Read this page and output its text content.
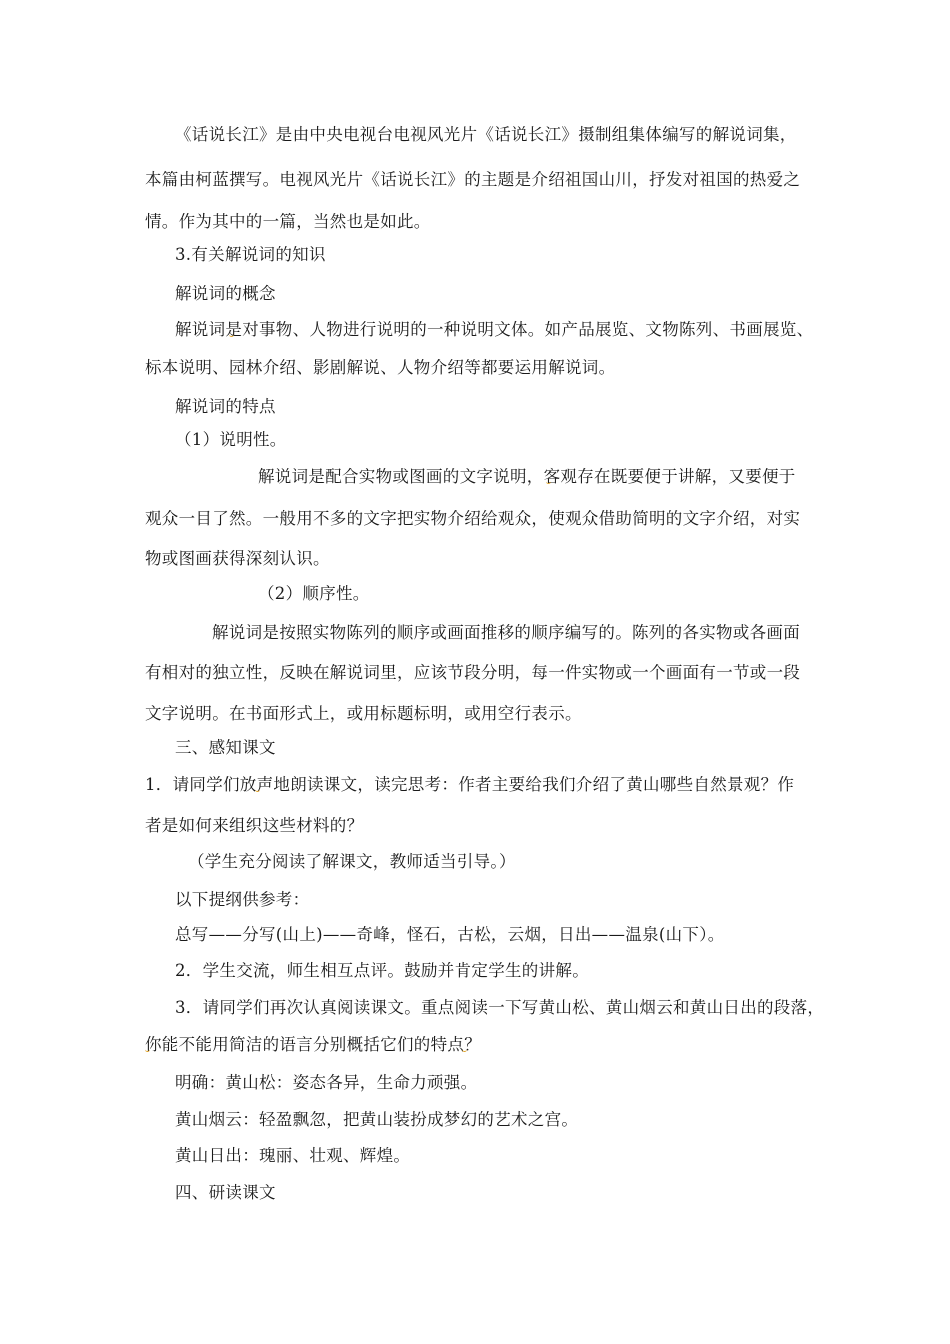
《话说长江》是由中央电视台电视风光片《话说长江》摄制组集体编写的解说词集，
本篇由柯蓝撰写。电视风光片《话说长江》的主题是介绍祖国山川，抒发对祖国的热爱之
情。作为其中的一篇，当然也是如此。
3.有关解说词的知识
解说词的概念
解说词是对事物、人物进行说明的一种说明文体。如产品展览、文物陈列、书画展览、
标本说明、园林介绍、影剧解说、人物介绍等都要运用解说词。
解说词的特点
（1）说明性。
解说词是配合实物或图画的文字说明，客观存在既要便于讲解，又要便于
观众一目了然。一般用不多的文字把实物介绍给观众，使观众借助简明的文字介绍，对实
物或图画获得深刻认识。
（2）顺序性。
解说词是按照实物陈列的顺序或画面推移的顺序编写的。陈列的各实物或各画面
有相对的独立性，反映在解说词里，应该节段分明，每一件实物或一个画面有一节或一段
文字说明。在书面形式上，或用标题标明，或用空行表示。
三、感知课文
1．请同学们放声地朗读课文，读完思考：作者主要给我们介绍了黄山哪些自然景观？作
者是如何来组织这些材料的？
（学生充分阅读了解课文，教师适当引导。）
以下提纲供参考：
总写——分写(山上)——奇峰，怪石，古松，云烟，日出——温泉(山下）。
2．学生交流，师生相互点评。鼓励并肯定学生的讲解。
3．请同学们再次认真阅读课文。重点阅读一下写黄山松、黄山烟云和黄山日出的段落，
你能不能用简洁的语言分别概括它们的特点？
明确：黄山松：姿态各异，生命力顽强。
黄山烟云：轻盈飘忽，把黄山装扮成梦幻的艺术之宫。
黄山日出：瑰丽、壮观、辉煌。
四、研读课文
